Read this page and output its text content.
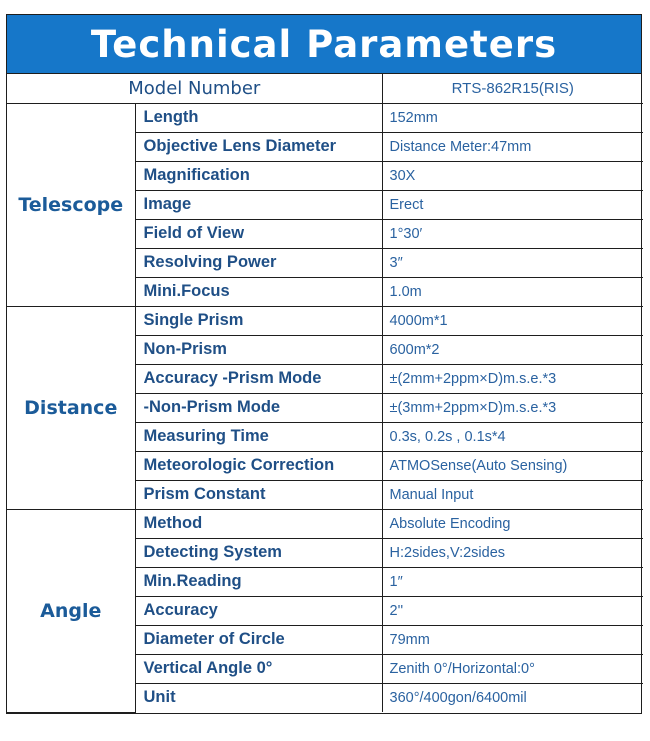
Technical Parameters
Model Number		RTS-862R15(RIS)
Telescope	Length	152mm
	Objective Lens Diameter	Distance Meter:47mm
	Magnification	30X
	Image	Erect
	Field of View	1°30′
	Resolving Power	3″
	Mini.Focus	1.0m
Distance	Single Prism	4000m*1
	Non-Prism	600m*2
	Accuracy -Prism Mode	±(2mm+2ppm×D)m.s.e.*3
	-Non-Prism Mode	±(3mm+2ppm×D)m.s.e.*3
	Measuring Time	0.3s, 0.2s , 0.1s*4
	Meteorologic Correction	ATMOSense(Auto Sensing)
	Prism Constant	Manual Input
Angle	Method	Absolute Encoding
	Detecting System	H:2sides,V:2sides
	Min.Reading	1″
	Accuracy	2''
	Diameter of Circle	79mm
	Vertical Angle 0°	Zenith 0°/Horizontal:0°
	Unit	360°/400gon/6400mil
